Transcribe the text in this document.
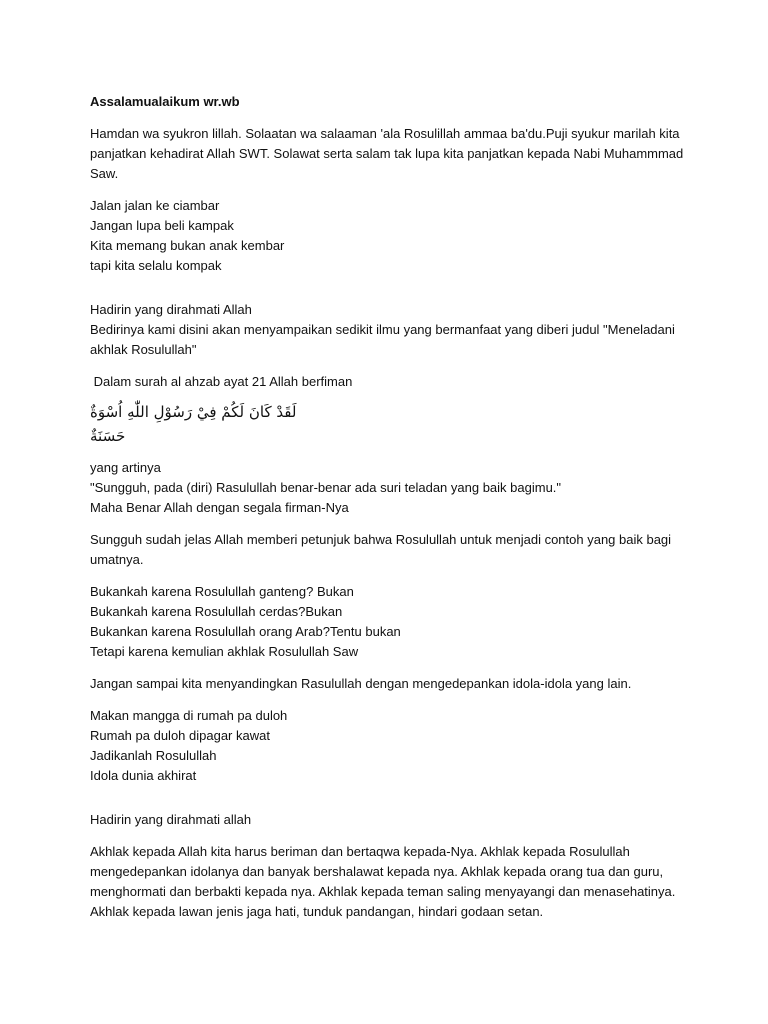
Assalamualaikum wr.wb

Hamdan wa syukron lillah. Solaatan wa salaaman 'ala Rosulillah ammaa ba'du.Puji syukur marilah kita
panjatkan kehadirat Allah SWT. Solawat serta salam tak lupa kita panjatkan kepada Nabi Muhammmad
Saw.

Jalan jalan ke ciambar
Jangan lupa beli kampak
Kita memang bukan anak kembar
tapi kita selalu kompak

Hadirin yang dirahmati Allah
Bedirinya kami disini akan menyampaikan sedikit ilmu yang bermanfaat yang diberi judul "Meneladani
akhlak Rosulullah"

Dalam surah al ahzab ayat 21 Allah berfiman

لَقَدْ كَانَ لَكُمْ فِيْ رَسُوْلِ اللّٰهِ اُسْوَةٌ حَسَنَةٌ

yang artinya
"Sungguh, pada (diri) Rasulullah benar-benar ada suri teladan yang baik bagimu."
Maha Benar Allah dengan segala firman-Nya

Sungguh sudah jelas Allah memberi petunjuk bahwa Rosulullah untuk menjadi contoh yang baik bagi
umatnya.

Bukankah karena Rosulullah ganteng? Bukan
Bukankah karena Rosulullah cerdas?Bukan
Bukankan karena Rosulullah orang Arab?Tentu bukan
Tetapi karena kemulian akhlak Rosulullah Saw

Jangan sampai kita menyandingkan Rasulullah dengan mengedepankan idola-idola yang lain.

Makan mangga di rumah pa duloh
Rumah pa duloh dipagar kawat
Jadikanlah Rosulullah
Idola dunia akhirat

Hadirin yang dirahmati allah

Akhlak kepada Allah kita harus beriman dan bertaqwa kepada-Nya. Akhlak kepada Rosulullah
mengedepankan idolanya dan banyak bershalawat kepada nya. Akhlak kepada orang tua dan guru,
menghormati dan berbakti kepada nya. Akhlak kepada teman saling menyayangi dan menasehatinya.
Akhlak kepada lawan jenis jaga hati, tunduk pandangan, hindari godaan setan.
